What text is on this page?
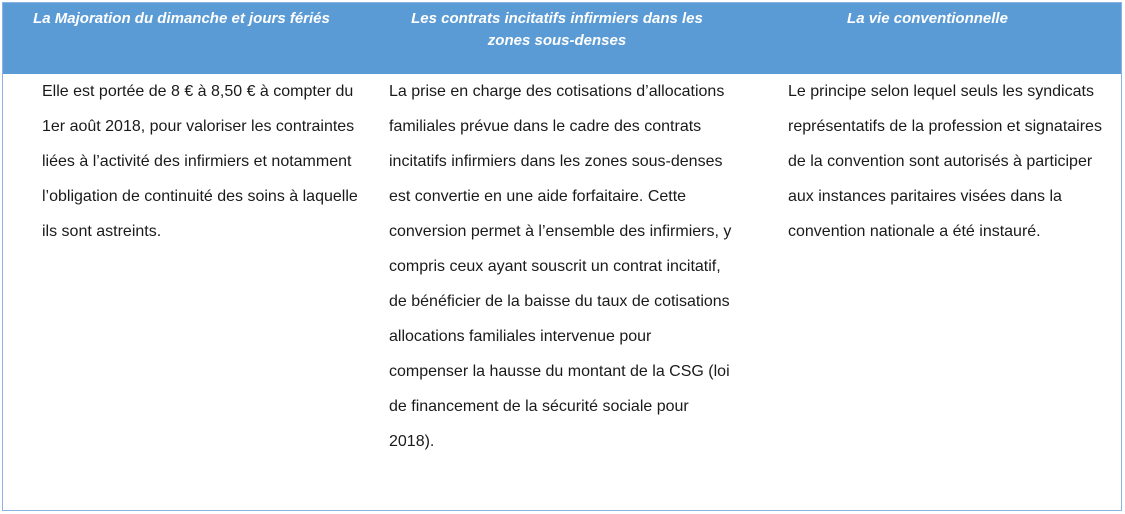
La Majoration du dimanche et jours fériés	Les contrats incitatifs infirmiers dans les zones sous-denses
La vie conventionnelle
Elle est portée de 8 € à 8,50 € à compter du 1er août 2018, pour valoriser les contraintes liées à l’activité des infirmiers et notamment l’obligation de continuité des soins à laquelle ils sont astreints.
La prise en charge des cotisations d’allocations familiales prévue dans le cadre des contrats incitatifs infirmiers dans les zones sous-denses est convertie en une aide forfaitaire. Cette conversion permet à l’ensemble des infirmiers, y compris ceux ayant souscrit un contrat incitatif, de bénéficier de la baisse du taux de cotisations allocations familiales intervenue pour compenser la hausse du montant de la CSG (loi de financement de la sécurité sociale pour 2018).
Le principe selon lequel seuls les syndicats représentatifs de la profession et signataires de la convention sont autorisés à participer aux instances paritaires visées dans la convention nationale a été instauré.
